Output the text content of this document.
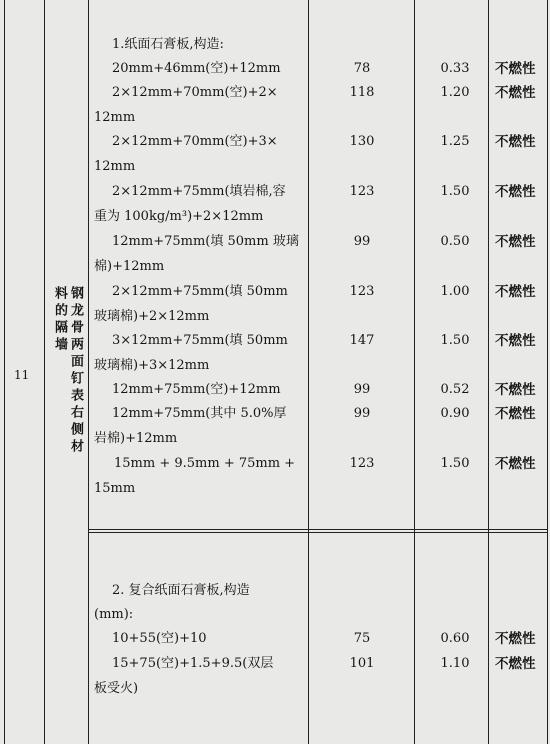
11	钢龙骨两面钉表右侧材料的隔墙
1.纸面石膏板,构造:
20mm+46mm(空)+12mm	78	0.33	不燃性
2×12mm+70mm(空)+2×
12mm
118	1.20	不燃性
2×12mm+70mm(空)+3×
12mm
130	1.25	不燃性
2×12mm+75mm(填岩棉,容
重为 100kg/m³)+2×12mm
123	1.50	不燃性
12mm+75mm(填 50mm 玻璃
棉)+12mm
99	0.50	不燃性
2×12mm+75mm(填 50mm
玻璃棉)+2×12mm
123	1.00	不燃性
3×12mm+75mm(填 50mm
玻璃棉)+3×12mm
147	1.50	不燃性
12mm+75mm(空)+12mm	99	0.52	不燃性
12mm+75mm(其中 5.0%厚
岩棉)+12mm
99	0.90	不燃性
15mm + 9.5mm + 75mm +
15mm
123	1.50	不燃性
2. 复合纸面石膏板,构造
(mm):
10+55(空)+10	75	0.60	不燃性
15+75(空)+1.5+9.5(双层
板受火)
101	1.10	不燃性
